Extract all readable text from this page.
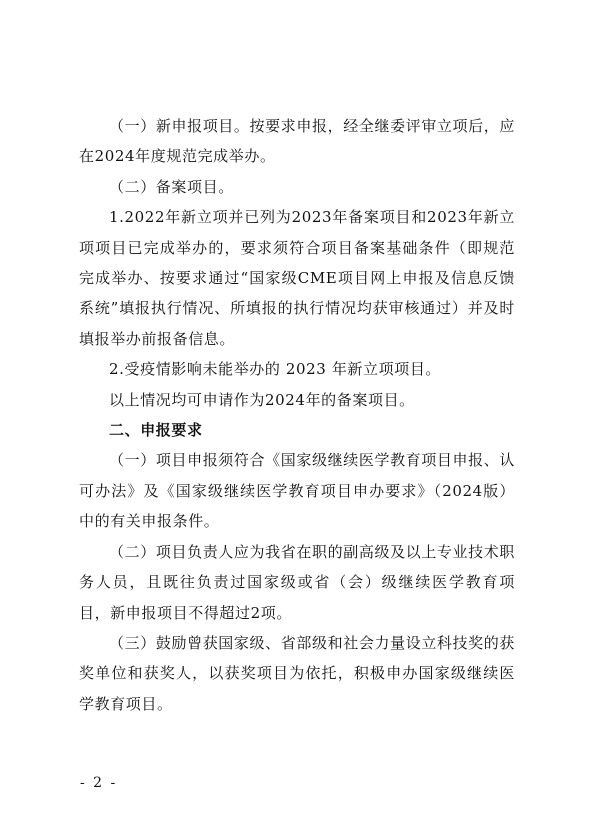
（一）新申报项目。按要求申报，经全继委评审立项后，应在2024年度规范完成举办。

（二）备案项目。

1.2022年新立项并已列为2023年备案项目和2023年新立项项目已完成举办的，要求须符合项目备案基础条件（即规范完成举办、按要求通过“国家级CME项目网上申报及信息反馈系统”填报执行情况、所填报的执行情况均获审核通过）并及时填报举办前报备信息。

2.受疫情影响未能举办的 2023 年新立项项目。

以上情况均可申请作为2024年的备案项目。

二、申报要求

（一）项目申报须符合《国家级继续医学教育项目申报、认可办法》及《国家级继续医学教育项目申办要求》（2024版）中的有关申报条件。

（二）项目负责人应为我省在职的副高级及以上专业技术职务人员，且既往负责过国家级或省（会）级继续医学教育项目，新申报项目不得超过2项。

（三）鼓励曾获国家级、省部级和社会力量设立科技奖的获奖单位和获奖人，以获奖项目为依托，积极申办国家级继续医学教育项目。

- 2 -
